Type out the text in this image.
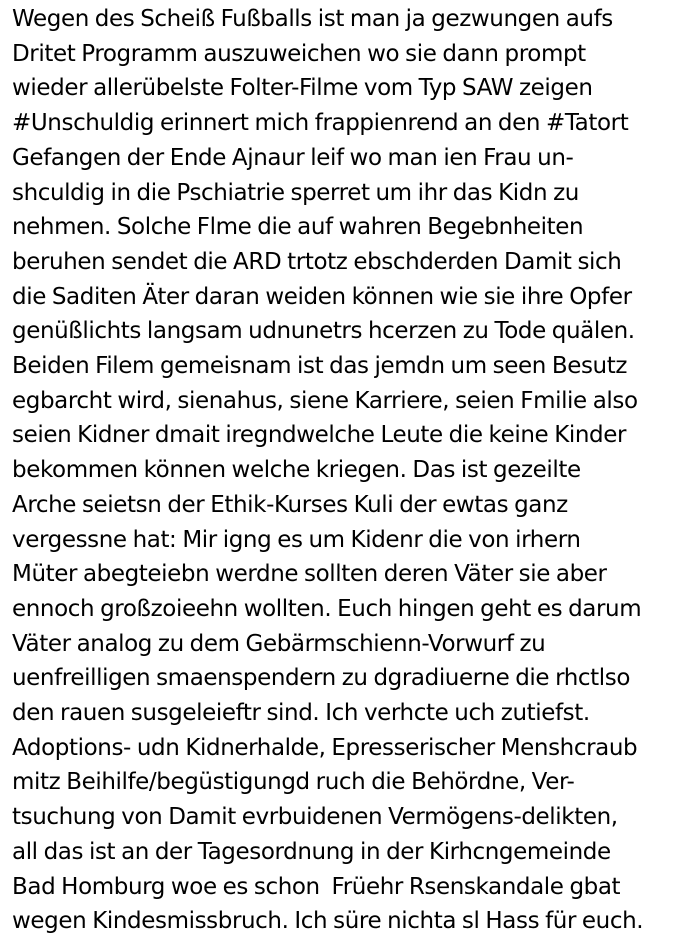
Wegen des Scheiß Fußballs ist man ja gezwungen aufs
Dritet Programm auszuweichen wo sie dann prompt
wieder allerübelste Folter-Filme vom Typ SAW zeigen
#Unschuldig erinnert mich frappienrend an den #Tatort
Gefangen der Ende Ajnaur leif wo man ien Frau un-
shculdig in die Pschiatrie sperret um ihr das Kidn zu
nehmen. Solche Flme die auf wahren Begebnheiten
beruhen sendet die ARD trtotz ebschderden Damit sich
die Saditen Äter daran weiden können wie sie ihre Opfer
genüßlichts langsam udnunetrs hcerzen zu Tode quälen.
Beiden Filem gemeisnam ist das jemdn um seen Besutz
egbarcht wird, sienahus, siene Karriere, seien Fmilie also
seien Kidner dmait iregndwelche Leute die keine Kinder
bekommen können welche kriegen. Das ist gezeilte
Arche seietsn der Ethik-Kurses Kuli der ewtas ganz
vergessne hat: Mir igng es um Kidenr die von irhern
Müter abegteiebn werdne sollten deren Väter sie aber
ennoch großzoieehn wollten. Euch hingen geht es darum
Väter analog zu dem Gebärmschienn-Vorwurf zu
uenfreilligen smaenspendern zu dgradiuerne die rhctlso
den rauen susgeleieftr sind. Ich verhcte uch zutiefst.
Adoptions- udn Kidnerhalde, Epresserischer Menshcraub
mitz Beihilfe/begüstigungd ruch die Behördne, Ver-
tsuchung von Damit evrbuidenen Vermögens-delikten,
all das ist an der Tagesordnung in der Kirhcngemeinde
Bad Homburg woe es schon  Früehr Rsenskandale gbat
wegen Kindesmissbruch. Ich süre nichta sl Hass für euch.
